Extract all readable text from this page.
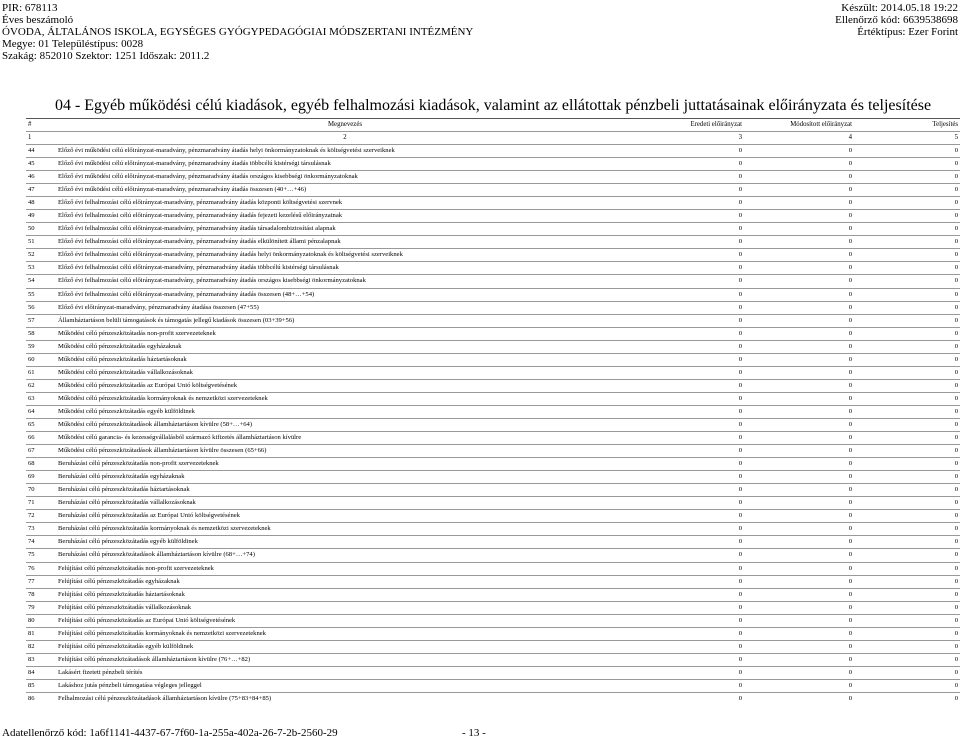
PIR: 678113
Éves beszámoló
ÓVODA, ÁLTALÁNOS ISKOLA, EGYSÉGES GYÓGYPEDAGÓGIAI MÓDSZERTANI INTÉZMÉNY
Megye: 01 Településtípus: 0028
Szakág: 852010 Szektor: 1251 Időszak: 2011.2
Készült: 2014.05.18 19:22
Ellenőrző kód: 6639538698
Értéktípus: Ezer Forint
04 - Egyéb működési célú kiadások, egyéb felhalmozási kiadások, valamint az ellátottak pénzbeli juttatásainak előirányzata és teljesítése
#	Megnevezés	Eredeti előirányzat	Módosított előirányzat	Teljesítés
1	2	3	4	5
44	Előző évi működési célú előirányzat-maradvány, pénzmaradvány átadás helyi önkormányzatoknak és költségvetési szerveiknek	0	0	0
45	Előző évi működési célú előirányzat-maradvány, pénzmaradvány átadás többcélú kistérségi társulásnak	0	0	0
46	Előző évi működési célú előirányzat-maradvány, pénzmaradvány átadás országos kisebbségi önkormányzatoknak	0	0	0
47	Előző évi működési célú előirányzat-maradvány, pénzmaradvány átadás összesen (40+…+46)	0	0	0
48	Előző évi felhalmozási célú előirányzat-maradvány, pénzmaradvány átadás központi költségvetési szervnek	0	0	0
49	Előző évi felhalmozási célú előirányzat-maradvány, pénzmaradvány átadás fejezeti kezelésű előirányzatnak	0	0	0
50	Előző évi felhalmozási célú előirányzat-maradvány, pénzmaradvány átadás társadalombiztosítási alapnak	0	0	0
51	Előző évi felhalmozási célú előirányzat-maradvány, pénzmaradvány átadás elkülönített állami pénzalapnak	0	0	0
52	Előző évi felhalmozási célú előirányzat-maradvány, pénzmaradvány átadás helyi önkormányzatoknak és költségvetési szerveiknek	0	0	0
53	Előző évi felhalmozási célú előirányzat-maradvány, pénzmaradvány átadás többcélú kistérségi társulásnak	0	0	0
54	Előző évi felhalmozási célú előirányzat-maradvány, pénzmaradvány átadás országos kisebbségi önkormányzatoknak	0	0	0
55	Előző évi felhalmozási célú előirányzat-maradvány, pénzmaradvány átadás összesen (48+…+54)	0	0	0
56	Előző évi előirányzat-maradvány, pénzmaradvány átadása összesen (47+55)	0	0	0
57	Államháztartáson belüli támogatások és támogatás jellegű kiadások összesen (03+39+56)	0	0	0
58	Működési célú pénzeszközátadás non-profit szervezeteknek	0	0	0
59	Működési célú pénzeszközátadás egyházaknak	0	0	0
60	Működési célú pénzeszközátadás háztartásoknak	0	0	0
61	Működési célú pénzeszközátadás vállalkozásoknak	0	0	0
62	Működési célú pénzeszközátadás az Európai Unió költségvetésének	0	0	0
63	Működési célú pénzeszközátadás kormányoknak és nemzetközi szervezeteknek	0	0	0
64	Működési célú pénzeszközátadás egyéb külföldinek	0	0	0
65	Működési célú pénzeszközátadások államháztartáson kívülre (58+…+64)	0	0	0
66	Működési célú garancia- és kezességvállalásból származó kifizetés államháztartáson kívülre	0	0	0
67	Működési célú pénzeszközátadások államháztartáson kívülre összesen (65+66)	0	0	0
68	Beruházási célú pénzeszközátadás non-profit szervezeteknek	0	0	0
69	Beruházási célú pénzeszközátadás egyházaknak	0	0	0
70	Beruházási célú pénzeszközátadás háztartásoknak	0	0	0
71	Beruházási célú pénzeszközátadás vállalkozásoknak	0	0	0
72	Beruházási célú pénzeszközátadás az Európai Unió költségvetésének	0	0	0
73	Beruházási célú pénzeszközátadás kormányoknak és nemzetközi szervezeteknek	0	0	0
74	Beruházási célú pénzeszközátadás egyéb külföldinek	0	0	0
75	Beruházási célú pénzeszközátadások államháztartáson kívülre (68+…+74)	0	0	0
76	Felújítási célú pénzeszközátadás non-profit szervezeteknek	0	0	0
77	Felújítási célú pénzeszközátadás egyházaknak	0	0	0
78	Felújítási célú pénzeszközátadás háztartásoknak	0	0	0
79	Felújítási célú pénzeszközátadás vállalkozásoknak	0	0	0
80	Felújítási célú pénzeszközátadás az Európai Unió költségvetésének	0	0	0
81	Felújítási célú pénzeszközátadás kormányoknak és nemzetközi szervezeteknek	0	0	0
82	Felújítási célú pénzeszközátadás egyéb külföldinek	0	0	0
83	Felújítási célú pénzeszközátadások államháztartáson kívülre (76+…+82)	0	0	0
84	Lakásért fizetett pénzbeli térítés	0	0	0
85	Lakáshoz jutás pénzbeli támogatása végleges jelleggel	0	0	0
86	Felhalmozási célú pénzeszközátadások államháztartáson kívülre (75+83+84+85)	0	0	0
Adatellenőrző kód: 1a6f1141-4437-67-7f60-1a-255a-402a-26-7-2b-2560-29	- 13 -
